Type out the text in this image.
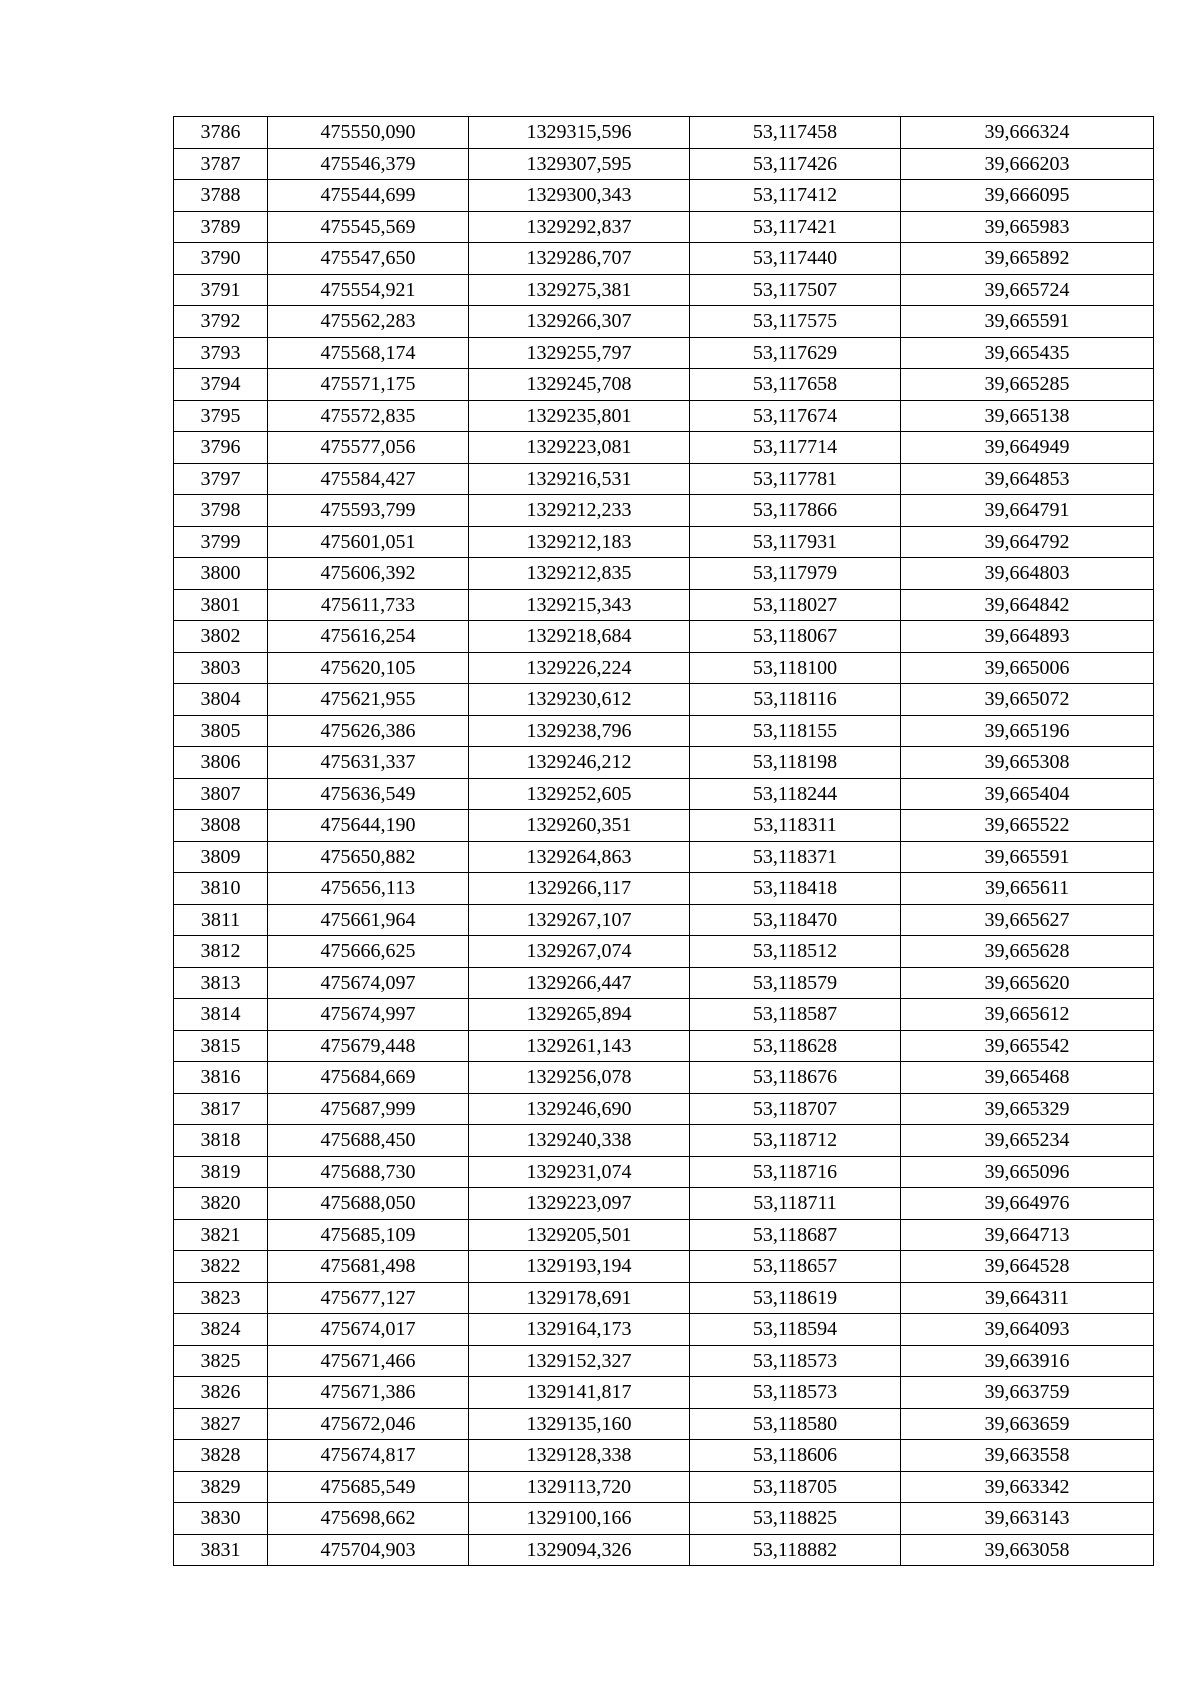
3786	475550,090	1329315,596	53,117458	39,666324
3787	475546,379	1329307,595	53,117426	39,666203
3788	475544,699	1329300,343	53,117412	39,666095
3789	475545,569	1329292,837	53,117421	39,665983
3790	475547,650	1329286,707	53,117440	39,665892
3791	475554,921	1329275,381	53,117507	39,665724
3792	475562,283	1329266,307	53,117575	39,665591
3793	475568,174	1329255,797	53,117629	39,665435
3794	475571,175	1329245,708	53,117658	39,665285
3795	475572,835	1329235,801	53,117674	39,665138
3796	475577,056	1329223,081	53,117714	39,664949
3797	475584,427	1329216,531	53,117781	39,664853
3798	475593,799	1329212,233	53,117866	39,664791
3799	475601,051	1329212,183	53,117931	39,664792
3800	475606,392	1329212,835	53,117979	39,664803
3801	475611,733	1329215,343	53,118027	39,664842
3802	475616,254	1329218,684	53,118067	39,664893
3803	475620,105	1329226,224	53,118100	39,665006
3804	475621,955	1329230,612	53,118116	39,665072
3805	475626,386	1329238,796	53,118155	39,665196
3806	475631,337	1329246,212	53,118198	39,665308
3807	475636,549	1329252,605	53,118244	39,665404
3808	475644,190	1329260,351	53,118311	39,665522
3809	475650,882	1329264,863	53,118371	39,665591
3810	475656,113	1329266,117	53,118418	39,665611
3811	475661,964	1329267,107	53,118470	39,665627
3812	475666,625	1329267,074	53,118512	39,665628
3813	475674,097	1329266,447	53,118579	39,665620
3814	475674,997	1329265,894	53,118587	39,665612
3815	475679,448	1329261,143	53,118628	39,665542
3816	475684,669	1329256,078	53,118676	39,665468
3817	475687,999	1329246,690	53,118707	39,665329
3818	475688,450	1329240,338	53,118712	39,665234
3819	475688,730	1329231,074	53,118716	39,665096
3820	475688,050	1329223,097	53,118711	39,664976
3821	475685,109	1329205,501	53,118687	39,664713
3822	475681,498	1329193,194	53,118657	39,664528
3823	475677,127	1329178,691	53,118619	39,664311
3824	475674,017	1329164,173	53,118594	39,664093
3825	475671,466	1329152,327	53,118573	39,663916
3826	475671,386	1329141,817	53,118573	39,663759
3827	475672,046	1329135,160	53,118580	39,663659
3828	475674,817	1329128,338	53,118606	39,663558
3829	475685,549	1329113,720	53,118705	39,663342
3830	475698,662	1329100,166	53,118825	39,663143
3831	475704,903	1329094,326	53,118882	39,663058
